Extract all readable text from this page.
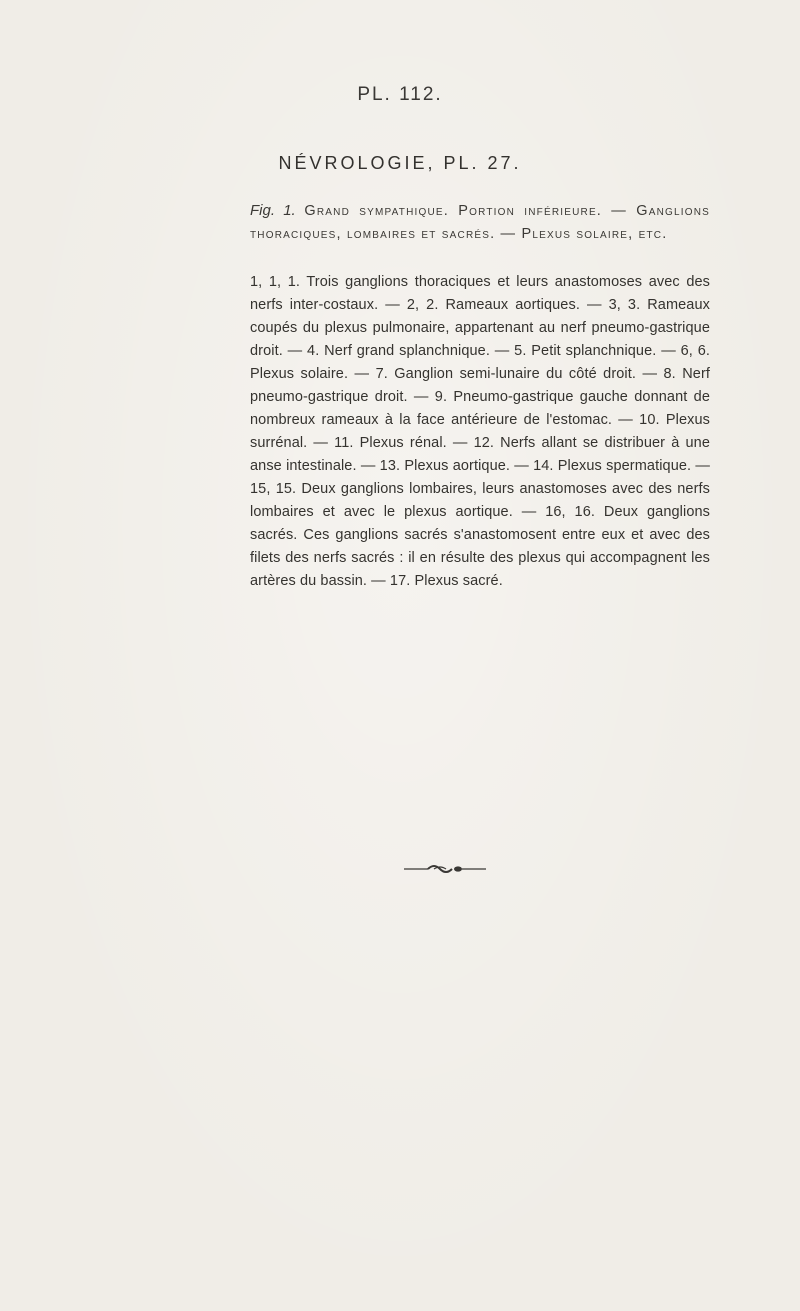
PL. 112.
NÉVROLOGIE, PL. 27.
Fig. 1. Grand sympathique. Portion inférieure. — Ganglions thoraciques, lombaires et sacrés. — Plexus solaire, etc.
1, 1, 1. Trois ganglions thoraciques et leurs anastomoses avec des nerfs inter-costaux. — 2, 2. Rameaux aortiques. — 3, 3. Rameaux coupés du plexus pulmonaire, appartenant au nerf pneumo-gastrique droit. — 4. Nerf grand splanchnique. — 5. Petit splanchnique. — 6, 6. Plexus solaire. — 7. Ganglion semi-lunaire du côté droit. — 8. Nerf pneumo-gastrique droit. — 9. Pneumo-gastrique gauche donnant de nombreux rameaux à la face antérieure de l'estomac. — 10. Plexus surrénal. — 11. Plexus rénal. — 12. Nerfs allant se distribuer à une anse intestinale. — 13. Plexus aortique. — 14. Plexus spermatique. — 15, 15. Deux ganglions lombaires, leurs anastomoses avec des nerfs lombaires et avec le plexus aortique. — 16, 16. Deux ganglions sacrés. Ces ganglions sacrés s'anastomosent entre eux et avec des filets des nerfs sacrés : il en résulte des plexus qui accompagnent les artères du bassin. — 17. Plexus sacré.
